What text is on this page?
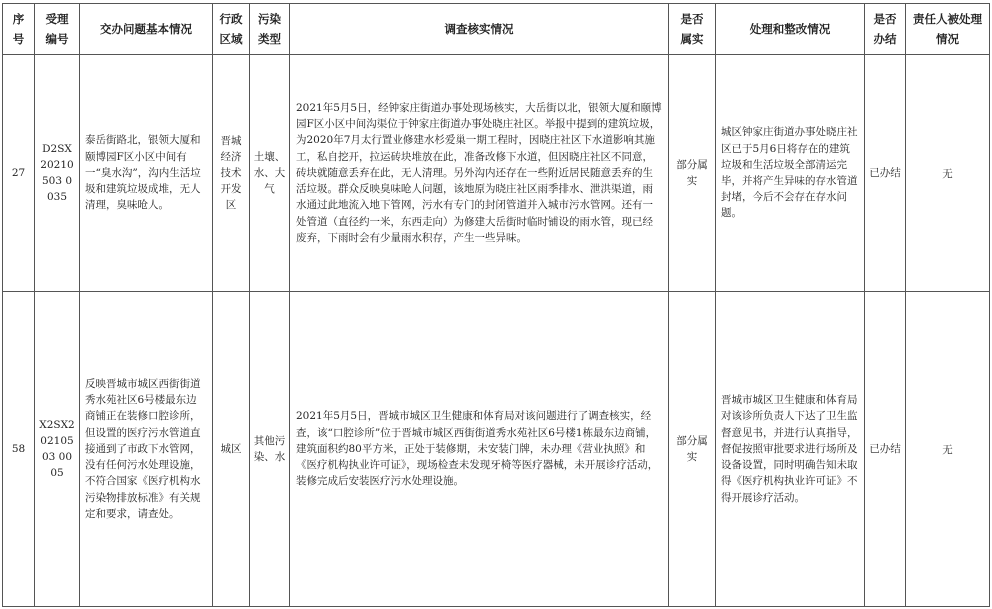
序号	受理编号	交办问题基本情况	行政区域	污染类型	调查核实情况	是否属实	处理和整改情况	是否办结	责任人被处理情况
27	D2SX20210503 0035	泰岳街路北，银领大厦和颐博园F区小区中间有一“臭水沟”，沟内生活垃圾和建筑垃圾成堆，无人清理，臭味呛人。	晋城经济技术开发区	土壤、水、大气	2021年5月5日，经钟家庄街道办事处现场核实，大岳街以北，银领大厦和颐博园F区小区中间沟渠位于钟家庄街道办事处晓庄社区。举报中提到的建筑垃圾，为2020年7月太行置业修建水杉爱巢一期工程时，因晓庄社区下水道影响其施工，私自挖开，拉运砖块堆放在此，准备改修下水道，但因晓庄社区不同意，砖块就随意丢弃在此，无人清理。另外沟内还存在一些附近居民随意丢弃的生活垃圾。群众反映臭味呛人问题，该地原为晓庄社区雨季排水、泄洪渠道，雨水通过此地流入地下管网，污水有专门的封闭管道并入城市污水管网。还有一处管道（直径约一米，东西走向）为修建大岳街时临时铺设的雨水管，现已经废弃，下雨时会有少量雨水积存，产生一些异味。	部分属实	城区钟家庄街道办事处晓庄社区已于5月6日将存在的建筑垃圾和生活垃圾全部清运完毕，并将产生异味的存水管道封堵，今后不会存在存水问题。	已办结	无
58	X2SX20210503 0005	反映晋城市城区西街街道秀水苑社区6号楼最东边商铺正在装修口腔诊所，但设置的医疗污水管道直接通到了市政下水管网，没有任何污水处理设施，不符合国家《医疗机构水污染物排放标准》有关规定和要求，请查处。	城区	其他污染、水	2021年5月5日，晋城市城区卫生健康和体育局对该问题进行了调查核实，经查，该“口腔诊所”位于晋城市城区西街街道秀水苑社区6号楼1栋最东边商铺，建筑面积约80平方米，正处于装修期，未安装门牌，未办理《营业执照》和《医疗机构执业许可证》，现场检查未发现牙椅等医疗器械，未开展诊疗活动，装修完成后安装医疗污水处理设施。	部分属实	晋城市城区卫生健康和体育局对该诊所负责人下达了卫生监督意见书，并进行认真指导，督促按照审批要求进行场所及设备设置，同时明确告知未取得《医疗机构执业许可证》不得开展诊疗活动。	已办结	无
